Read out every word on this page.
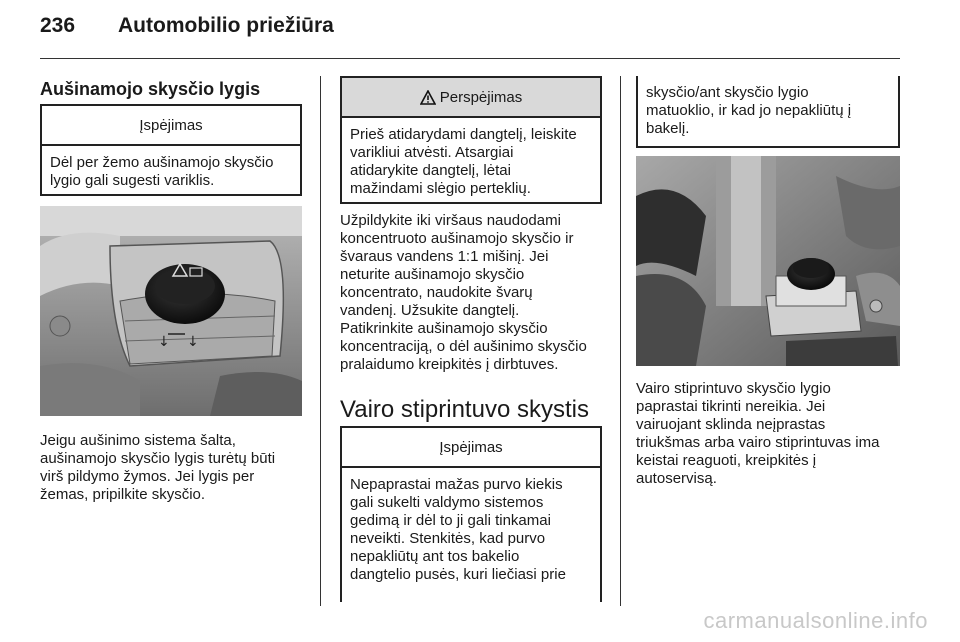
236 Automobilio priežiūra
Aušinamojo skysčio lygis
Įspėjimas
Dėl per žemo aušinamojo skysčio
lygio gali sugesti variklis.
↓ ↓
Jeigu aušinimo sistema šalta,
aušinamojo skysčio lygis turėtų būti
virš pildymo žymos. Jei lygis per
žemas, pripilkite skysčio.
Perspėjimas
Prieš atidarydami dangtelį, leiskite
varikliui atvėsti. Atsargiai
atidarykite dangtelį, lėtai
mažindami slėgio perteklių.
Užpildykite iki viršaus naudodami
koncentruoto aušinamojo skysčio ir
švaraus vandens 1:1 mišinį. Jei
neturite aušinamojo skysčio
koncentrato, naudokite švarų
vandenį. Užsukite dangtelį.
Patikrinkite aušinamojo skysčio
koncentraciją, o dėl aušinimo skysčio
pralaidumo kreipkitės į dirbtuves.
Vairo stiprintuvo skystis
Įspėjimas
Nepaprastai mažas purvo kiekis
gali sukelti valdymo sistemos
gedimą ir dėl to ji gali tinkamai
neveikti. Stenkitės, kad purvo
nepakliūtų ant tos bakelio
dangtelio pusės, kuri liečiasi prie
skysčio/ant skysčio lygio
matuoklio, ir kad jo nepakliūtų į
bakelį.
Vairo stiprintuvo skysčio lygio
paprastai tikrinti nereikia. Jei
vairuojant sklinda neįprastas
triukšmas arba vairo stiprintuvas ima
keistai reaguoti, kreipkitės į
autoservisą.
carmanualsonline.info
